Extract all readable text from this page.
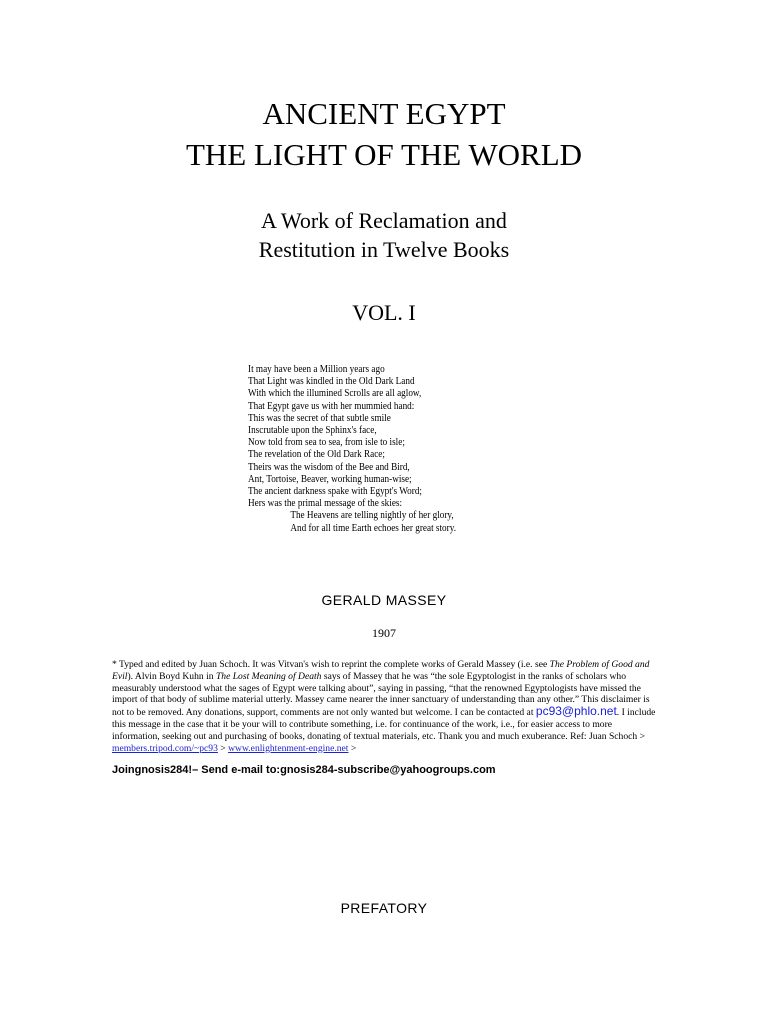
ANCIENT EGYPT
THE LIGHT OF THE WORLD
A Work of Reclamation and
Restitution in Twelve Books
VOL. I
It may have been a Million years ago
That Light was kindled in the Old Dark Land
With which the illumined Scrolls are all aglow,
That Egypt gave us with her mummied hand:
This was the secret of that subtle smile
Inscrutable upon the Sphinx's face,
Now told from sea to sea, from isle to isle;
The revelation of the Old Dark Race;
Theirs was the wisdom of the Bee and Bird,
Ant, Tortoise, Beaver, working human-wise;
The ancient darkness spake with Egypt's Word;
Hers was the primal message of the skies:
The Heavens are telling nightly of her glory,
And for all time Earth echoes her great story.
GERALD MASSEY
1907
* Typed and edited by Juan Schoch. It was Vitvan's wish to reprint the complete works of Gerald Massey (i.e. see The Problem of Good and Evil). Alvin Boyd Kuhn in The Lost Meaning of Death says of Massey that he was “the sole Egyptologist in the ranks of scholars who measurably understood what the sages of Egypt were talking about”, saying in passing, “that the renowned Egyptologists have missed the import of that body of sublime material utterly. Massey came nearer the inner sanctuary of understanding than any other.” This disclaimer is not to be removed. Any donations, support, comments are not only wanted but welcome. I can be contacted at pc93@phlo.net. I include this message in the case that it be your will to contribute something, i.e. for continuance of the work, i.e., for easier access to more information, seeking out and purchasing of books, donating of textual materials, etc. Thank you and much exuberance. Ref: Juan Schoch > members.tripod.com/~pc93 > www.enlightenment-engine.net >
Joingnosis284!– Send e-mail to:gnosis284-subscribe@yahoogroups.com
PREFATORY
